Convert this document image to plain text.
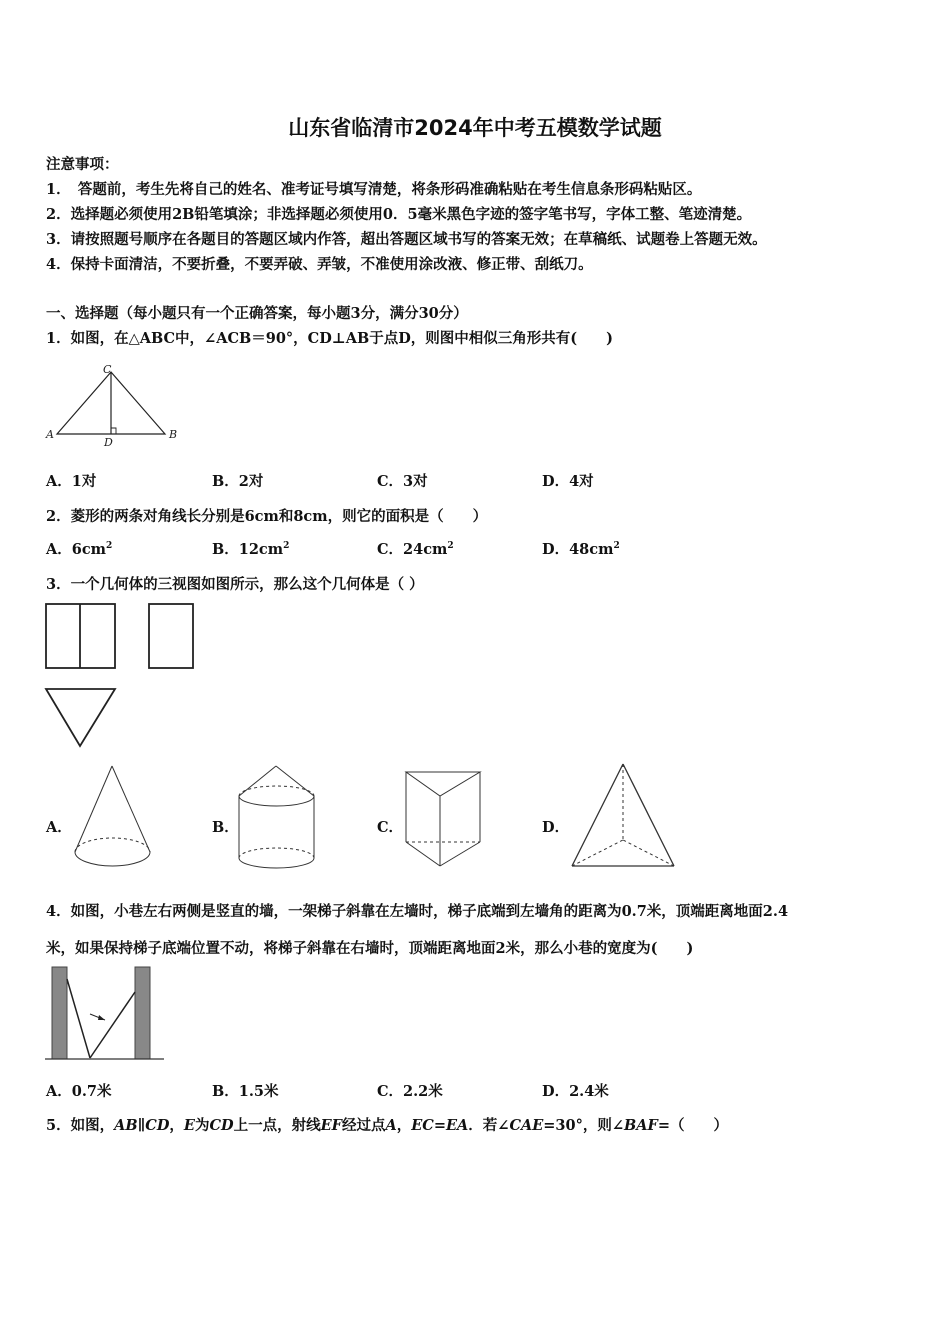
山东省临清市2024年中考五模数学试题
注意事项：
1．　答题前，考生先将自己的姓名、准考证号填写清楚，将条形码准确粘贴在考生信息条形码粘贴区。
2．选择题必须使用2B铅笔填涂；非选择题必须使用0．5毫米黑色字迹的签字笔书写，字体工整、笔迹清楚。
3．请按照题号顺序在各题目的答题区域内作答，超出答题区域书写的答案无效；在草稿纸、试题卷上答题无效。
4．保持卡面清洁，不要折叠，不要弄破、弄皱，不准使用涂改液、修正带、刮纸刀。
一、选择题（每小题只有一个正确答案，每小题3分，满分30分）
1．如图，在△ABC中，∠ACB＝90°，CD⊥AB于点D，则图中相似三角形共有(　　)
C
A	B
D
A．1对	B．2对	C．3对	D．4对
2．菱形的两条对角线长分别是6cm和8cm，则它的面积是（　　）
A．$6cm^2$	B．$12cm^2$	C．$24cm^2$	D．$48cm^2$
3．一个几何体的三视图如图所示，那么这个几何体是（ ）
A．	B．	C．	D．
4．如图，小巷左右两侧是竖直的墙，一架梯子斜靠在左墙时，梯子底端到左墙角的距离为0.7米，顶端距离地面2.4
米，如果保持梯子底端位置不动，将梯子斜靠在右墙时，顶端距离地面2米，那么小巷的宽度为(　　)
A．0.7米	B．1.5米	C．2.2米	D．2.4米
5．如图，AB∥CD，E为CD上一点，射线EF经过点A，EC=EA．若∠CAE=30°，则∠BAF=（　　）
